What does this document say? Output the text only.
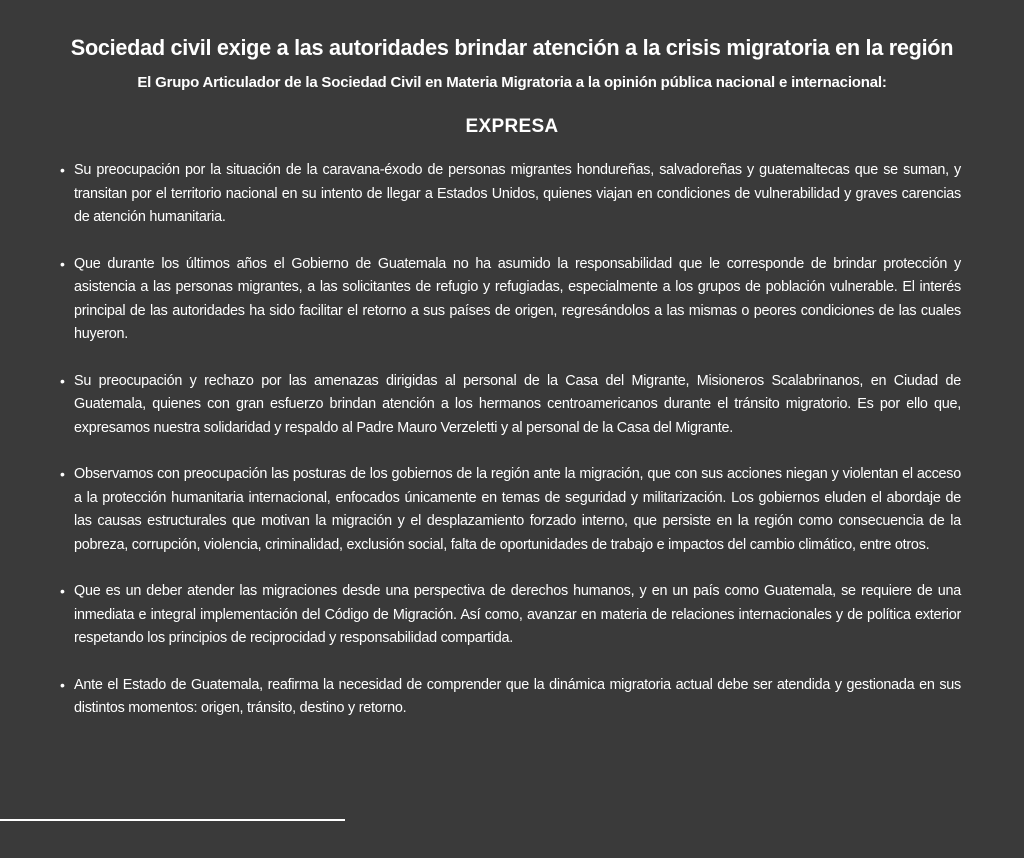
Sociedad civil exige a las autoridades brindar atención a la crisis migratoria en la región
El Grupo Articulador de la Sociedad Civil en Materia Migratoria a la opinión pública nacional e internacional:
EXPRESA
• Su preocupación por la situación de la caravana-éxodo de personas migrantes hondureñas, salvadoreñas y guatemaltecas que se suman, y transitan por el territorio nacional en su intento de llegar a Estados Unidos, quienes viajan en condiciones de vulnerabilidad y graves carencias de atención humanitaria.
• Que durante los últimos años el Gobierno de Guatemala no ha asumido la responsabilidad que le corresponde de brindar protección y asistencia a las personas migrantes, a las solicitantes de refugio y refugiadas, especialmente a los grupos de población vulnerable. El interés principal de las autoridades ha sido facilitar el retorno a sus países de origen, regresándolos a las mismas o peores condiciones de las cuales huyeron.
• Su preocupación y rechazo por las amenazas dirigidas al personal de la Casa del Migrante, Misioneros Scalabrinanos, en Ciudad de Guatemala, quienes con gran esfuerzo brindan atención a los hermanos centroamericanos durante el tránsito migratorio. Es por ello que, expresamos nuestra solidaridad y respaldo al Padre Mauro Verzeletti y al personal de la Casa del Migrante.
• Observamos con preocupación las posturas de los gobiernos de la región ante la migración, que con sus acciones niegan y violentan el acceso a la protección humanitaria internacional, enfocados únicamente en temas de seguridad y militarización. Los gobiernos eluden el abordaje de las causas estructurales que motivan la migración y el desplazamiento forzado interno, que persiste en la región como consecuencia de la pobreza, corrupción, violencia, criminalidad, exclusión social, falta de oportunidades de trabajo e impactos del cambio climático, entre otros.
• Que es un deber atender las migraciones desde una perspectiva de derechos humanos, y en un país como Guatemala, se requiere de una inmediata e integral implementación del Código de Migración. Así como, avanzar en materia de relaciones internacionales y de política exterior respetando los principios de reciprocidad y responsabilidad compartida.
• Ante el Estado de Guatemala, reafirma la necesidad de comprender que la dinámica migratoria actual debe ser atendida y gestionada en sus distintos momentos: origen, tránsito, destino y retorno.
